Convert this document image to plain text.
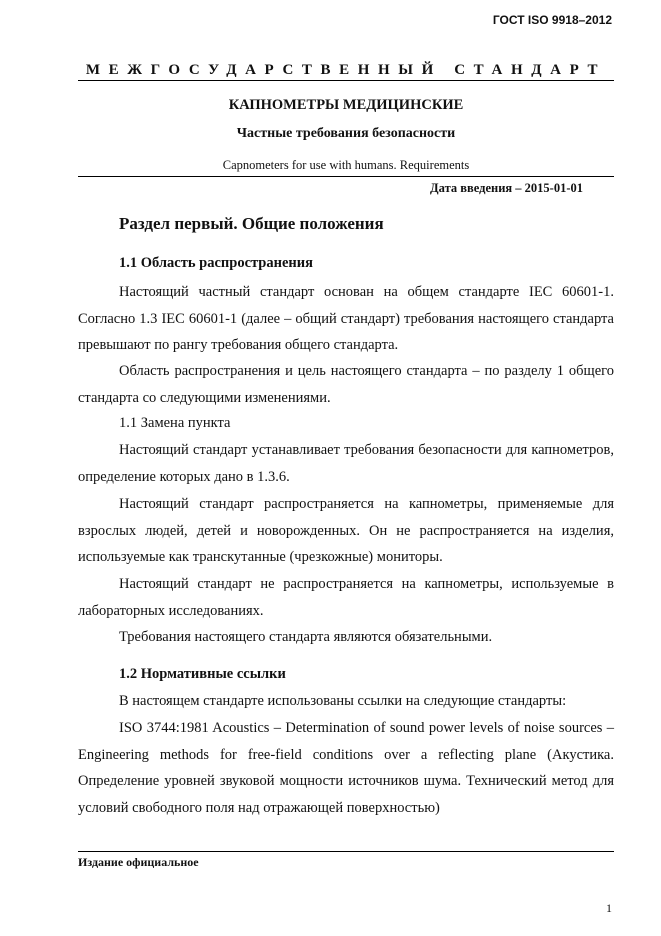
ГОСТ ISO 9918–2012
МЕЖГОСУДАРСТВЕННЫЙ СТАНДАРТ
КАПНОМЕТРЫ МЕДИЦИНСКИЕ
Частные требования безопасности
Capnometers for use with humans. Requirements
Дата введения – 2015-01-01
Раздел первый. Общие положения
1.1 Область распространения

Настоящий частный стандарт основан на общем стандарте IEC 60601-1. Согласно 1.3 IEC 60601-1 (далее – общий стандарт) требования настоящего стандарта превышают по рангу требования общего стандарта.

Область распространения и цель настоящего стандарта – по разделу 1 общего стандарта со следующими изменениями.

1.1 Замена пункта

Настоящий стандарт устанавливает требования безопасности для капнометров, определение которых дано в 1.3.6.

Настоящий стандарт распространяется на капнометры, применяемые для взрослых людей, детей и новорожденных. Он не распространяется на изделия, используемые как транскутанные (чрезкожные) мониторы.

Настоящий стандарт не распространяется на капнометры, используемые в лабораторных исследованиях.

Требования настоящего стандарта являются обязательными.

1.2 Нормативные ссылки

В настоящем стандарте использованы ссылки на следующие стандарты:

ISO 3744:1981 Acoustics – Determination of sound power levels of noise sources – Engineering methods for free-field conditions over a reflecting plane (Акустика. Определение уровней звуковой мощности источников шума. Технический метод для условий свободного поля над отражающей поверхностью)

Издание официальное
1
